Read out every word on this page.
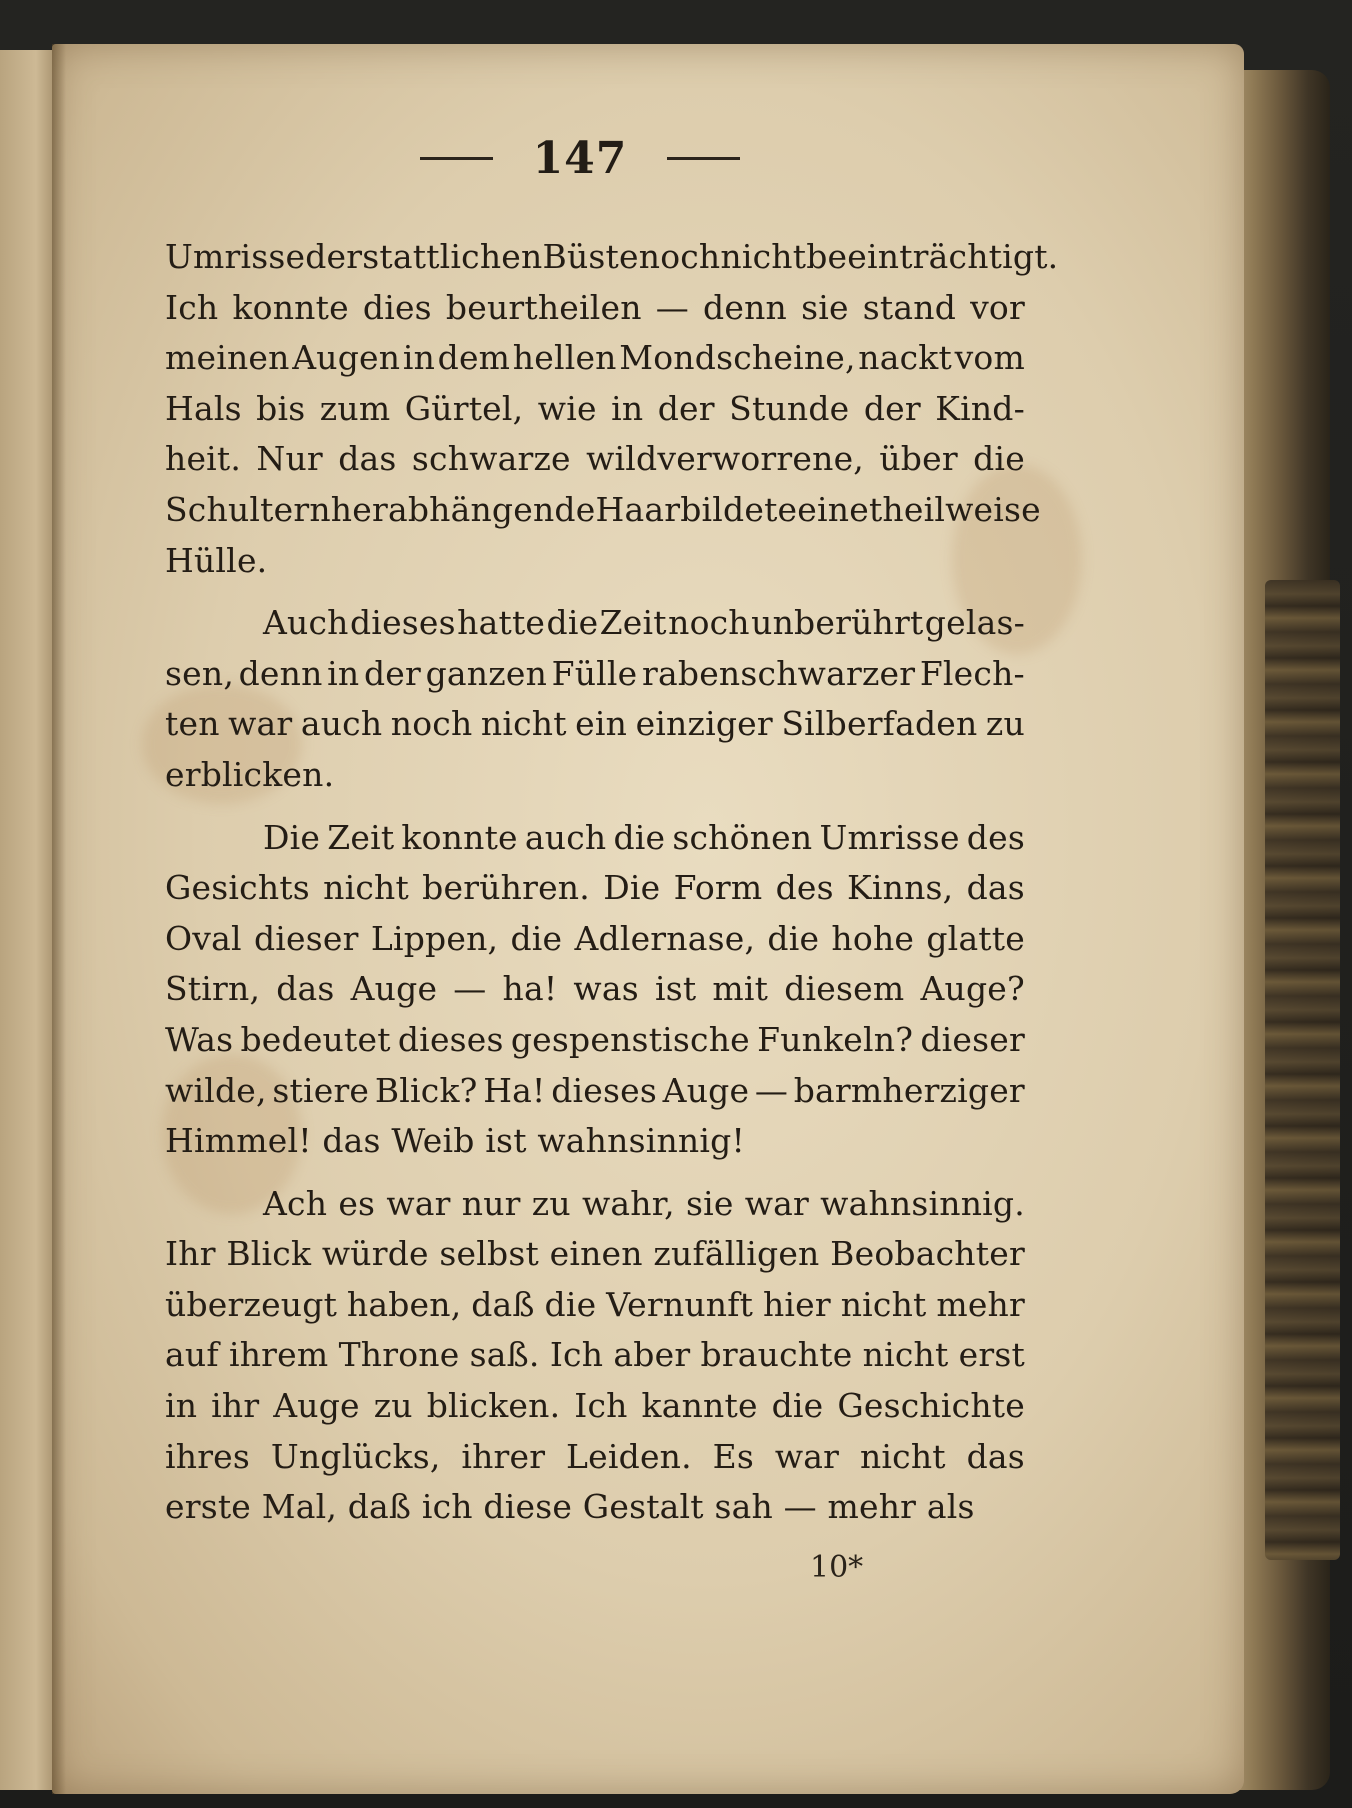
147
Umrisse der stattlichen Büste noch nicht beeinträchtigt.
Ich konnte dies beurtheilen — denn sie stand vor
meinen Augen in dem hellen Mondscheine, nackt vom
Hals bis zum Gürtel, wie in der Stunde der Kind-
heit. Nur das schwarze wildverworrene, über die
Schultern herabhängende Haar bildete eine theilweise
Hülle.
Auch dieses hatte die Zeit noch unberührt gelas-
sen, denn in der ganzen Fülle rabenschwarzer Flech-
ten war auch noch nicht ein einziger Silberfaden zu
erblicken.
Die Zeit konnte auch die schönen Umrisse des
Gesichts nicht berühren. Die Form des Kinns, das
Oval dieser Lippen, die Adlernase, die hohe glatte
Stirn, das Auge — ha! was ist mit diesem Auge?
Was bedeutet dieses gespenstische Funkeln? dieser
wilde, stiere Blick? Ha! dieses Auge — barmherziger
Himmel! das Weib ist wahnsinnig!
Ach es war nur zu wahr, sie war wahnsinnig.
Ihr Blick würde selbst einen zufälligen Beobachter
überzeugt haben, daß die Vernunft hier nicht mehr
auf ihrem Throne saß. Ich aber brauchte nicht erst
in ihr Auge zu blicken. Ich kannte die Geschichte
ihres Unglücks, ihrer Leiden. Es war nicht das
erste Mal, daß ich diese Gestalt sah — mehr als
10*
